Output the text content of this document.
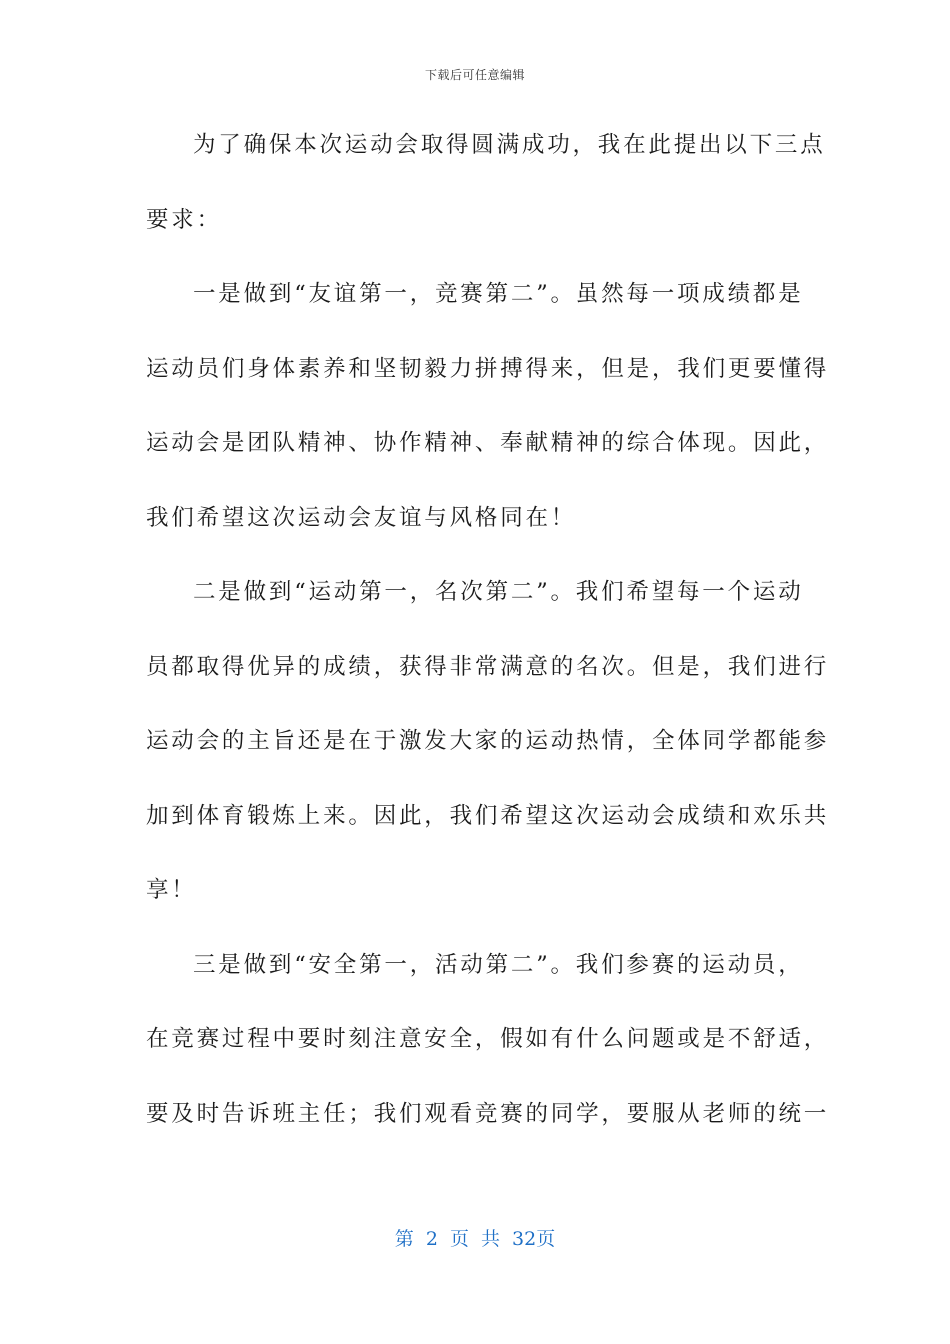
下载后可任意编辑
为了确保本次运动会取得圆满成功，我在此提出以下三点
要求：
一是做到“友谊第一，竞赛第二”。虽然每一项成绩都是
运动员们身体素养和坚韧毅力拼搏得来，但是，我们更要懂得
运动会是团队精神、协作精神、奉献精神的综合体现。因此，
我们希望这次运动会友谊与风格同在！
二是做到“运动第一，名次第二”。我们希望每一个运动
员都取得优异的成绩，获得非常满意的名次。但是，我们进行
运动会的主旨还是在于激发大家的运动热情，全体同学都能参
加到体育锻炼上来。因此，我们希望这次运动会成绩和欢乐共
享！
三是做到“安全第一，活动第二”。我们参赛的运动员，
在竞赛过程中要时刻注意安全，假如有什么问题或是不舒适，
要及时告诉班主任；我们观看竞赛的同学，要服从老师的统一
第 2 页 共 32页
